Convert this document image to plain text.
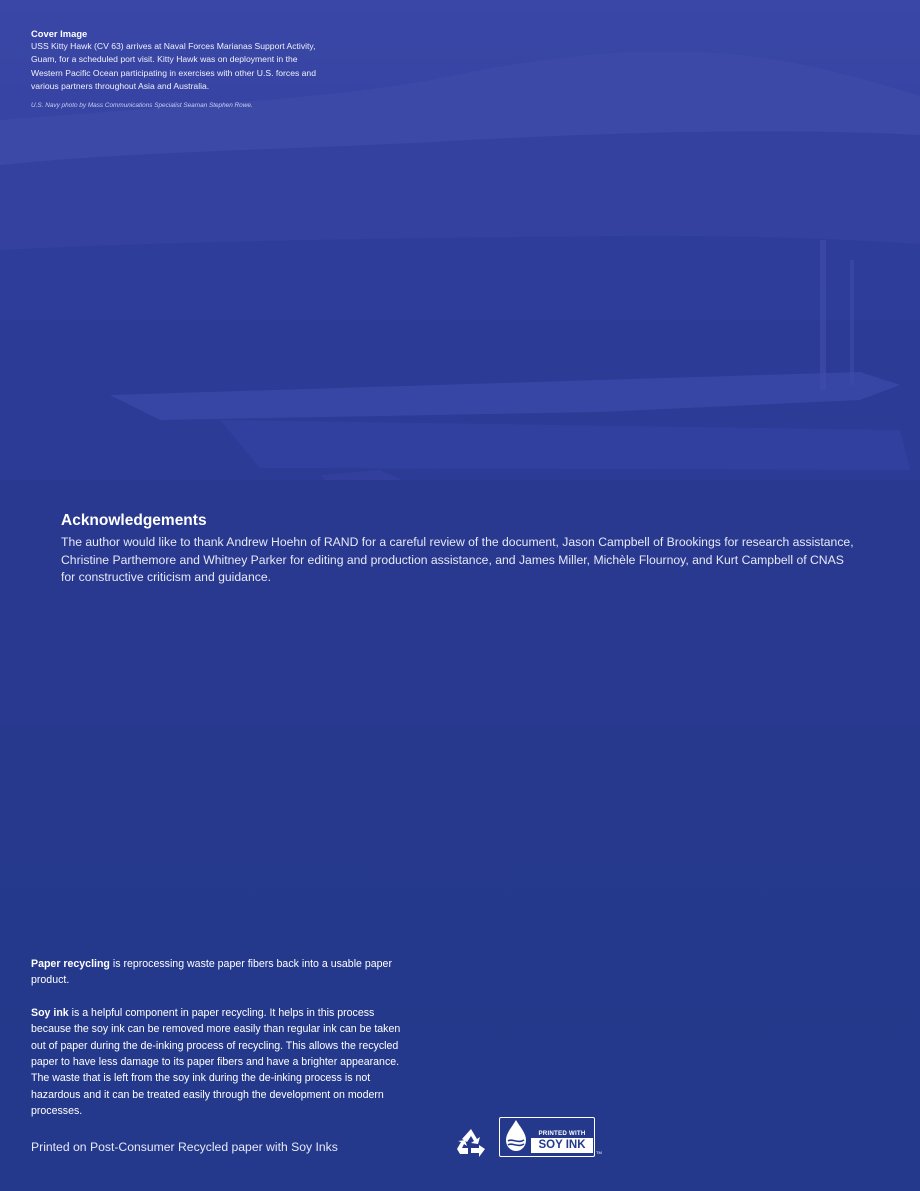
Cover Image

USS Kitty Hawk (CV 63) arrives at Naval Forces Marianas Support Activity, Guam, for a scheduled port visit. Kitty Hawk was on deployment in the Western Pacific Ocean participating in exercises with other U.S. forces and various partners throughout Asia and Australia.

U.S. Navy photo by Mass Communications Specialist Seaman Stephen Rowe.
Acknowledgements

The author would like to thank Andrew Hoehn of RAND for a careful review of the document, Jason Campbell of Brookings for research assistance, Christine Parthemore and Whitney Parker for editing and production assistance, and James Miller, Michèle Flournoy, and Kurt Campbell of CNAS for constructive criticism and guidance.

Paper recycling is reprocessing waste paper fibers back into a usable paper product.

Soy ink is a helpful component in paper recycling. It helps in this process because the soy ink can be removed more easily than regular ink can be taken out of paper during the de-inking process of recycling. This allows the recycled paper to have less damage to its paper fibers and have a brighter appearance. The waste that is left from the soy ink during the de-inking process is not hazardous and it can be treated easily through the development on modern processes.

Printed on Post-Consumer Recycled paper with Soy Inks
PRINTED WITH
SOY INK
TM
